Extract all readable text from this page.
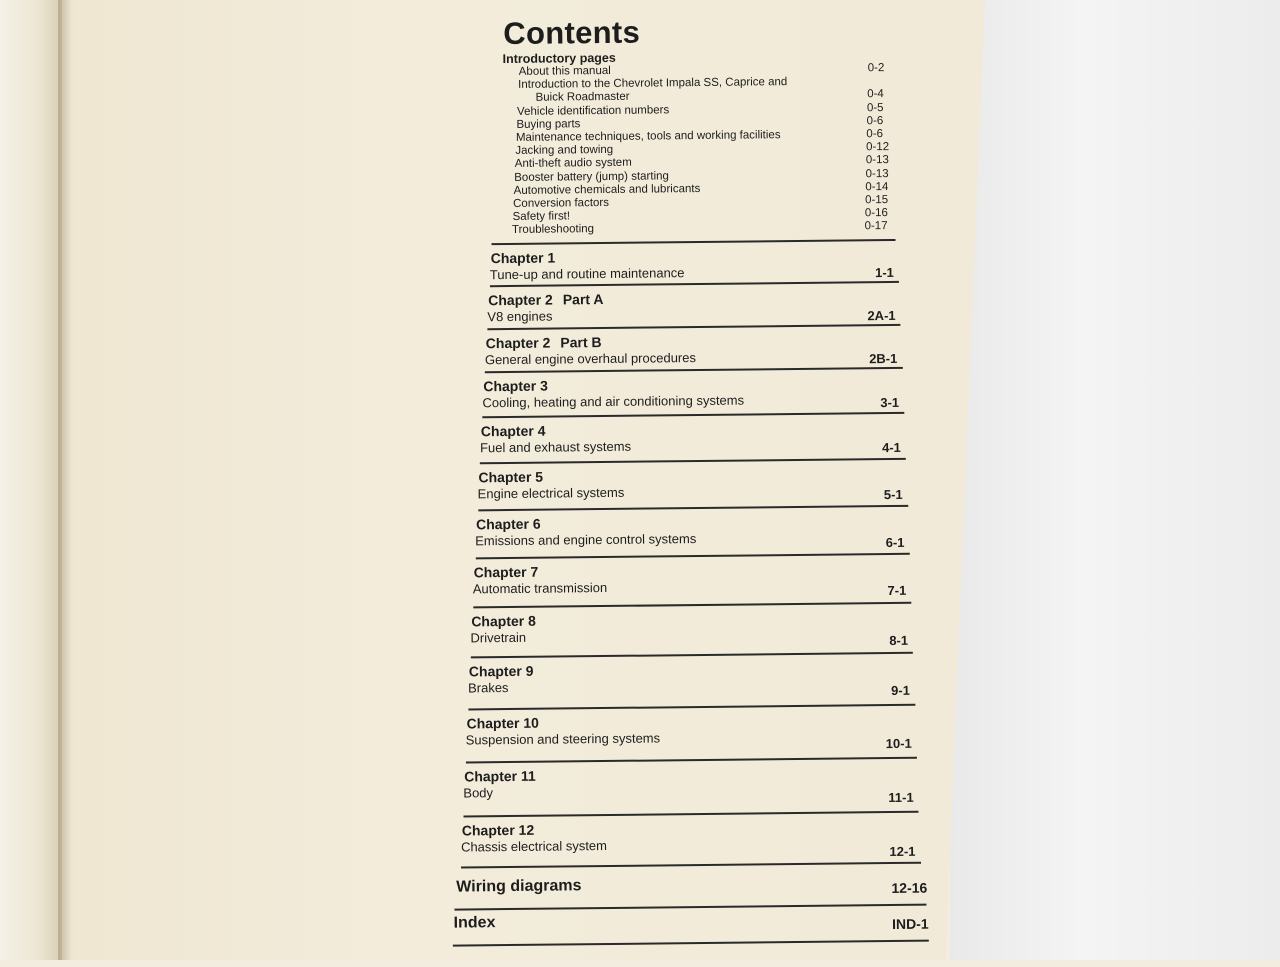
Contents
Introductory pages
About this manual	0-2
Introduction to the Chevrolet Impala SS, Caprice and
Buick Roadmaster	0-4
Vehicle identification numbers	0-5
Buying parts	0-6
Maintenance techniques, tools and working facilities	0-6
Jacking and towing	0-12
Anti-theft audio system	0-13
Booster battery (jump) starting	0-13
Automotive chemicals and lubricants	0-14
Conversion factors	0-15
Safety first!	0-16
Troubleshooting	0-17
Chapter 1
Tune-up and routine maintenance	1-1
Chapter 2 Part A
V8 engines	2A-1
Chapter 2 Part B
General engine overhaul procedures	2B-1
Chapter 3
Cooling, heating and air conditioning systems	3-1
Chapter 4
Fuel and exhaust systems	4-1
Chapter 5
Engine electrical systems	5-1
Chapter 6
Emissions and engine control systems	6-1
Chapter 7
Automatic transmission	7-1
Chapter 8
Drivetrain	8-1
Chapter 9
Brakes	9-1
Chapter 10
Suspension and steering systems	10-1
Chapter 11
Body	11-1
Chapter 12
Chassis electrical system	12-1
Wiring diagrams	12-16
Index	IND-1
